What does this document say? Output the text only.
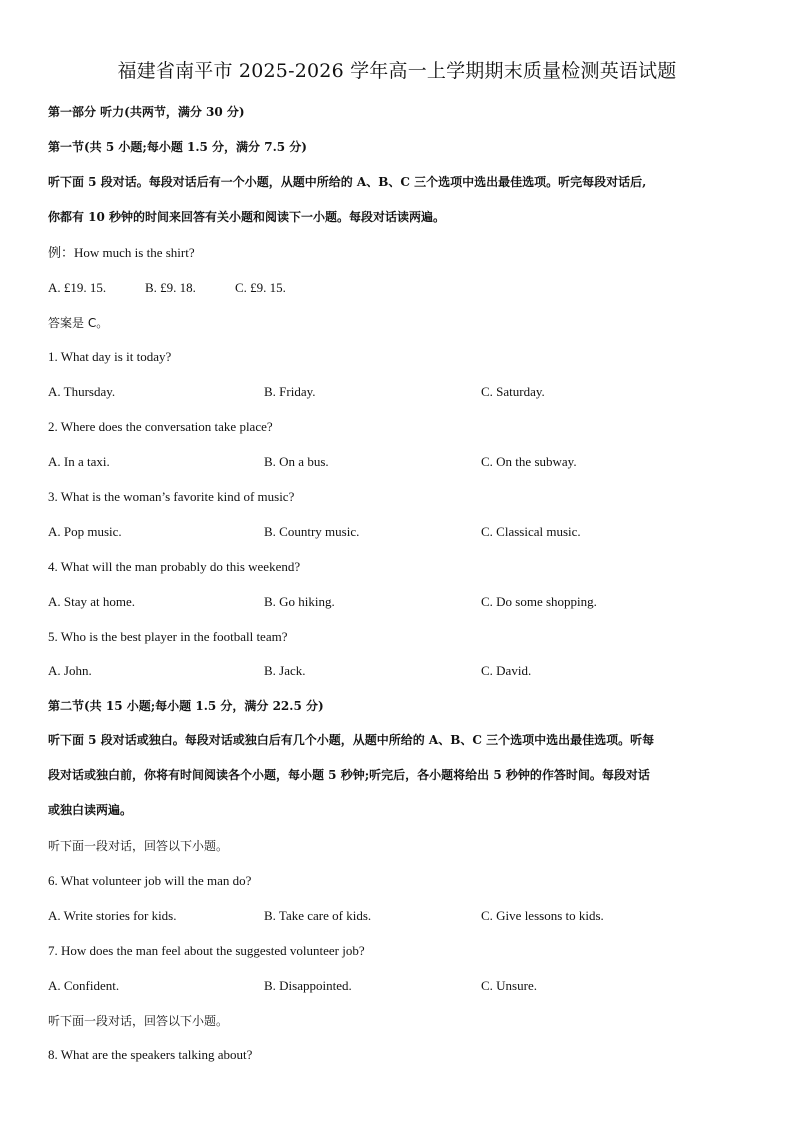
福建省南平市 2025-2026 学年高一上学期期末质量检测英语试题
第一部分 听力(共两节，满分 30 分)
第一节(共 5 小题;每小题 1.5 分，满分 7.5 分)
听下面 5 段对话。每段对话后有一个小题，从题中所给的 A、B、C 三个选项中选出最佳选项。听完每段对话后,
你都有 10 秒钟的时间来回答有关小题和阅读下一小题。每段对话读两遍。
例：How much is the shirt?
A. £19. 15.	B. £9. 18.	C. £9. 15.
答案是 C。
1. What day is it today?
A. Thursday.	B. Friday.	C. Saturday.
2. Where does the conversation take place?
A. In a taxi.	B. On a bus.	C. On the subway.
3. What is the woman’s favorite kind of music?
A. Pop music.	B. Country music.	C. Classical music.
4. What will the man probably do this weekend?
A. Stay at home.	B. Go hiking.	C. Do some shopping.
5. Who is the best player in the football team?
A. John.	B. Jack.	C. David.
第二节(共 15 小题;每小题 1.5 分，满分 22.5 分)
听下面 5 段对话或独白。每段对话或独白后有几个小题，从题中所给的 A、B、C 三个选项中选出最佳选项。听每
段对话或独白前，你将有时间阅读各个小题，每小题 5 秒钟;听完后，各小题将给出 5 秒钟的作答时间。每段对话
或独白读两遍。
听下面一段对话，回答以下小题。
6. What volunteer job will the man do?
A. Write stories for kids.	B. Take care of kids.	C. Give lessons to kids.
7. How does the man feel about the suggested volunteer job?
A. Confident.	B. Disappointed.	C. Unsure.
听下面一段对话，回答以下小题。
8. What are the speakers talking about?
